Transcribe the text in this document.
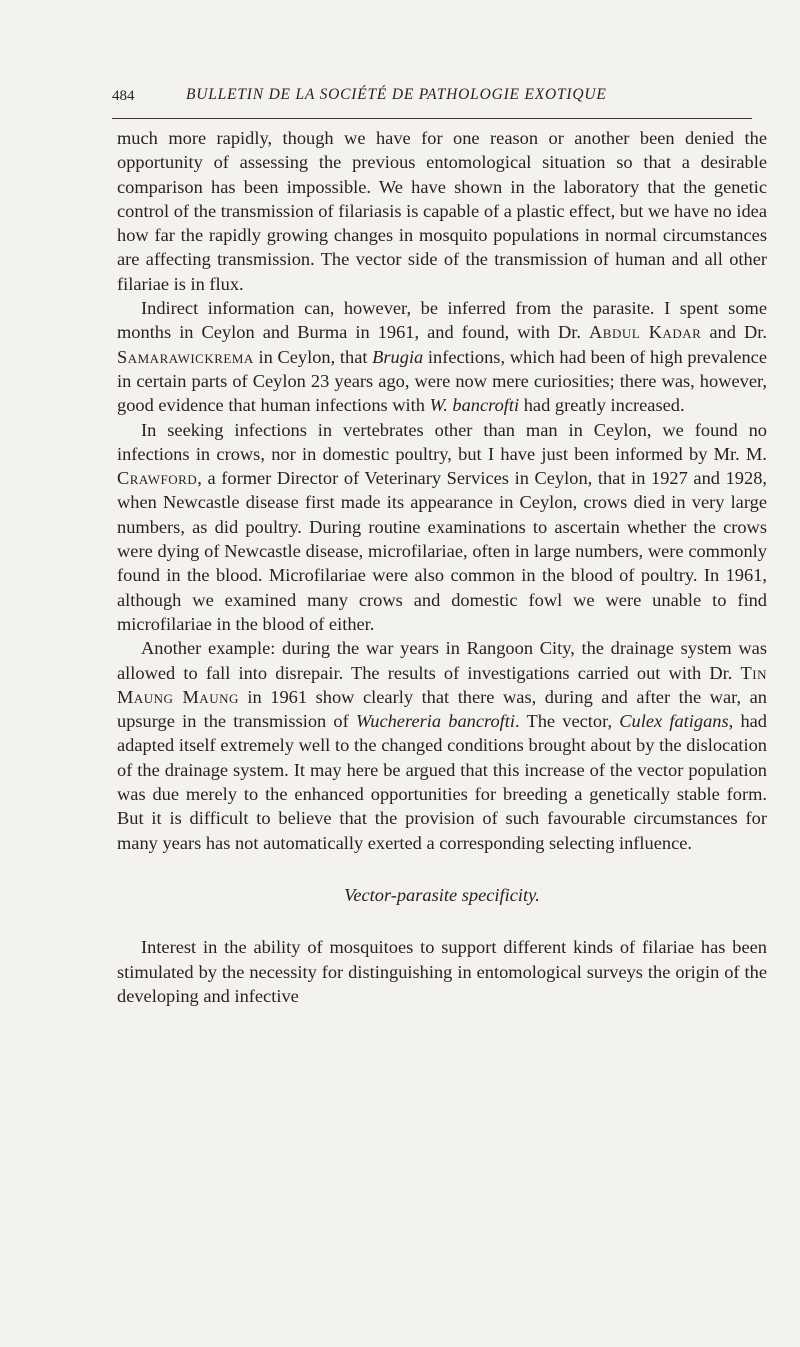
484	BULLETIN DE LA SOCIÉTÉ DE PATHOLOGIE EXOTIQUE

much more rapidly, though we have for one reason or another been denied the opportunity of assessing the previous entomological situation so that a desirable comparison has been impossible. We have shown in the laboratory that the genetic control of the transmission of filariasis is capable of a plastic effect, but we have no idea how far the rapidly growing changes in mosquito populations in normal circumstances are affecting transmission. The vector side of the transmission of human and all other filariae is in flux.

Indirect information can, however, be inferred from the parasite. I spent some months in Ceylon and Burma in 1961, and found, with Dr. Abdul Kadar and Dr. Samarawickrema in Ceylon, that Brugia infections, which had been of high prevalence in certain parts of Ceylon 23 years ago, were now mere curiosities; there was, however, good evidence that human infections with W. bancrofti had greatly increased.

In seeking infections in vertebrates other than man in Ceylon, we found no infections in crows, nor in domestic poultry, but I have just been informed by Mr. M. Crawford, a former Director of Veterinary Services in Ceylon, that in 1927 and 1928, when Newcastle disease first made its appearance in Ceylon, crows died in very large numbers, as did poultry. During routine examinations to ascertain whether the crows were dying of Newcastle disease, microfilariae, often in large numbers, were commonly found in the blood. Microfilariae were also common in the blood of poultry. In 1961, although we examined many crows and domestic fowl we were unable to find microfilariae in the blood of either.

Another example: during the war years in Rangoon City, the drainage system was allowed to fall into disrepair. The results of investigations carried out with Dr. Tin Maung Maung in 1961 show clearly that there was, during and after the war, an upsurge in the transmission of Wuchereria bancrofti. The vector, Culex fatigans, had adapted itself extremely well to the changed conditions brought about by the dislocation of the drainage system. It may here be argued that this increase of the vector population was due merely to the enhanced opportunities for breeding a genetically stable form. But it is difficult to believe that the provision of such favourable circumstances for many years has not automatically exerted a corresponding selecting influence.

Vector-parasite specificity.

Interest in the ability of mosquitoes to support different kinds of filariae has been stimulated by the necessity for distinguishing in entomological surveys the origin of the developing and infective
